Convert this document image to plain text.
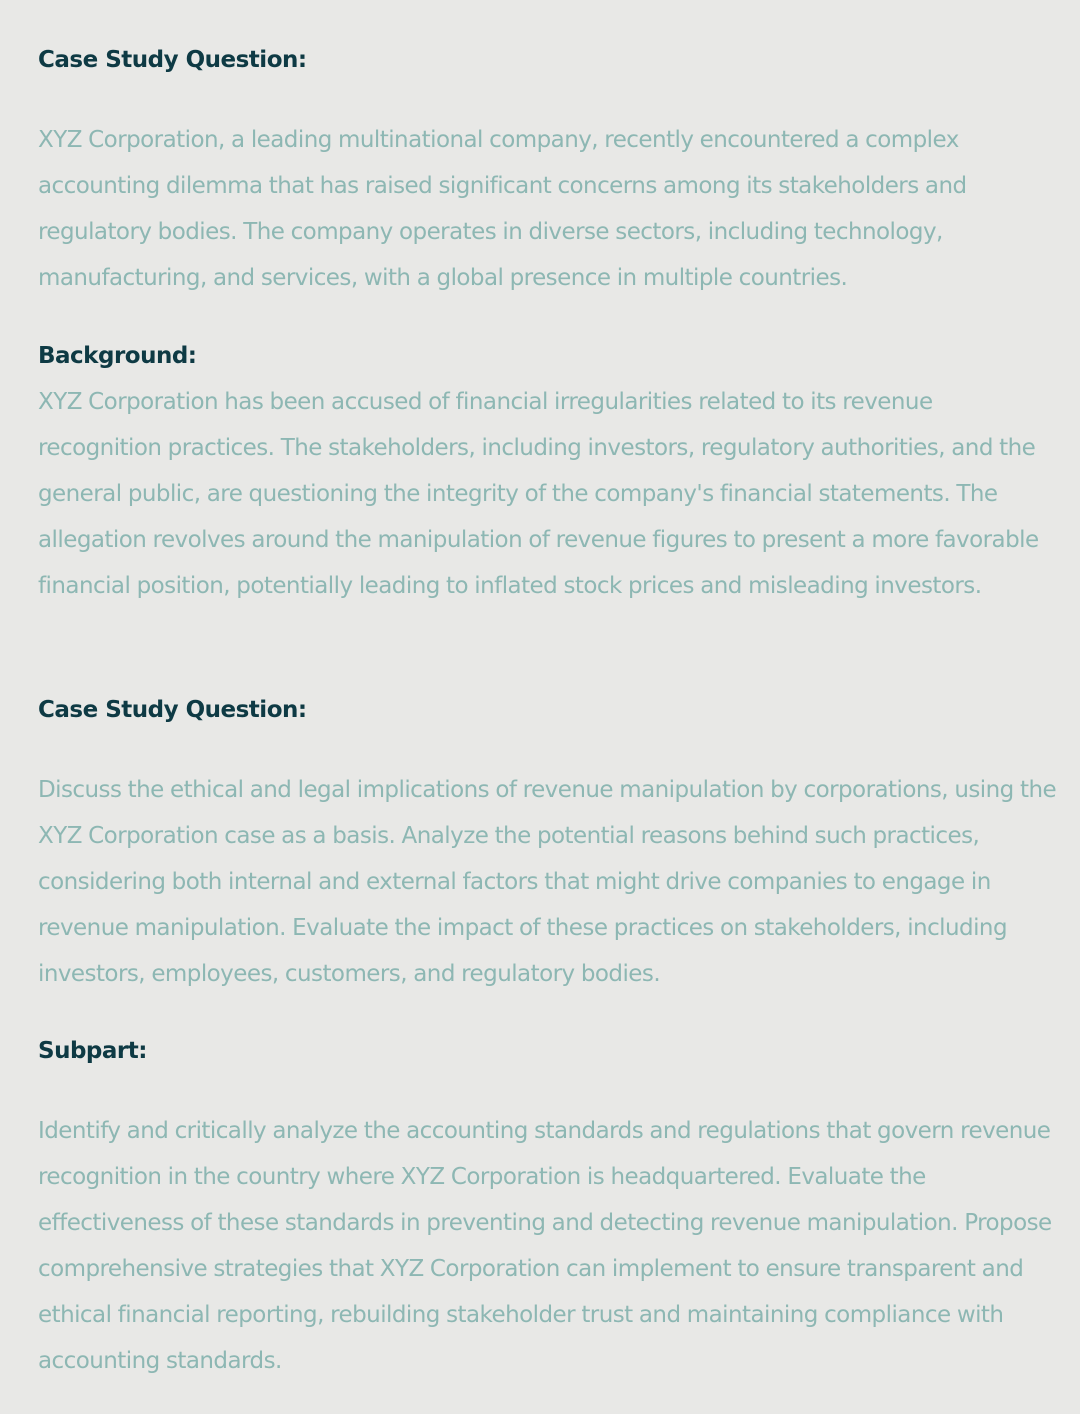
Case Study Question:

XYZ Corporation, a leading multinational company, recently encountered a complex accounting dilemma that has raised significant concerns among its stakeholders and regulatory bodies. The company operates in diverse sectors, including technology, manufacturing, and services, with a global presence in multiple countries.

Background:

XYZ Corporation has been accused of financial irregularities related to its revenue recognition practices. The stakeholders, including investors, regulatory authorities, and the general public, are questioning the integrity of the company's financial statements. The allegation revolves around the manipulation of revenue figures to present a more favorable financial position, potentially leading to inflated stock prices and misleading investors.

Case Study Question:

Discuss the ethical and legal implications of revenue manipulation by corporations, using the XYZ Corporation case as a basis. Analyze the potential reasons behind such practices, considering both internal and external factors that might drive companies to engage in revenue manipulation. Evaluate the impact of these practices on stakeholders, including investors, employees, customers, and regulatory bodies.

Subpart:

Identify and critically analyze the accounting standards and regulations that govern revenue recognition in the country where XYZ Corporation is headquartered. Evaluate the effectiveness of these standards in preventing and detecting revenue manipulation. Propose comprehensive strategies that XYZ Corporation can implement to ensure transparent and ethical financial reporting, rebuilding stakeholder trust and maintaining compliance with accounting standards.
